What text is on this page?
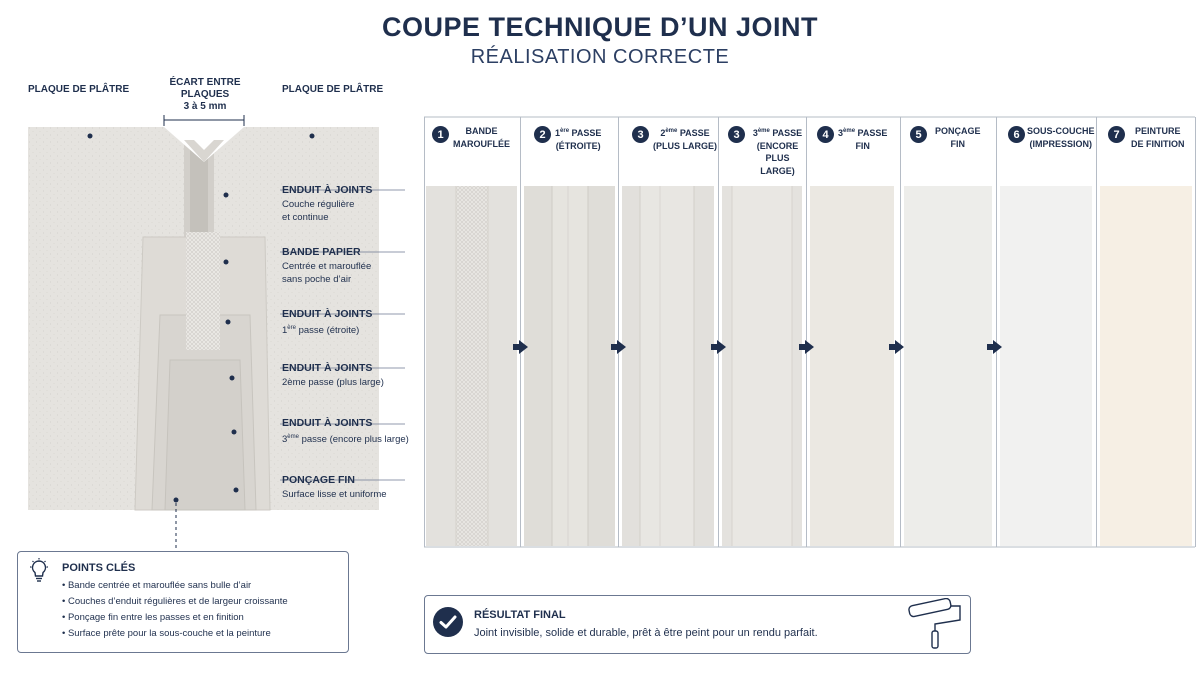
COUPE TECHNIQUE D’UN JOINT
RÉALISATION CORRECTE
PLAQUE DE PLÂTRE	PLAQUE DE PLÂTRE
ÉCART ENTRE
PLAQUES
3 à 5 mm
ENDUIT À JOINTS
Couche régulière
et continue
BANDE PAPIER
Centrée et marouflée
sans poche d’air
ENDUIT À JOINTS
1ère passe (étroite)
ENDUIT À JOINTS
2ème passe (plus large)
ENDUIT À JOINTS
3ème passe (encore plus large)
PONÇAGE FIN
Surface lisse et uniforme
POINTS CLÉS
• Bande centrée et marouflée sans bulle d’air
• Couches d’enduit régulières et de largeur croissante
• Ponçage fin entre les passes et en finition
• Surface prête pour la sous-couche et la peinture
1	BANDE
MAROUFLÉE
2	1ère PASSE
(ÉTROITE)
3	2ème PASSE
(PLUS LARGE)
3	3ème PASSE
(ENCORE
PLUS LARGE)
4	3ème PASSE
FIN
5	PONÇAGE
FIN
6 SOUS-COUCHE
(IMPRESSION)
7	PEINTURE
DE FINITION
RÉSULTAT FINAL
Joint invisible, solide et durable, prêt à être peint pour un rendu parfait.
